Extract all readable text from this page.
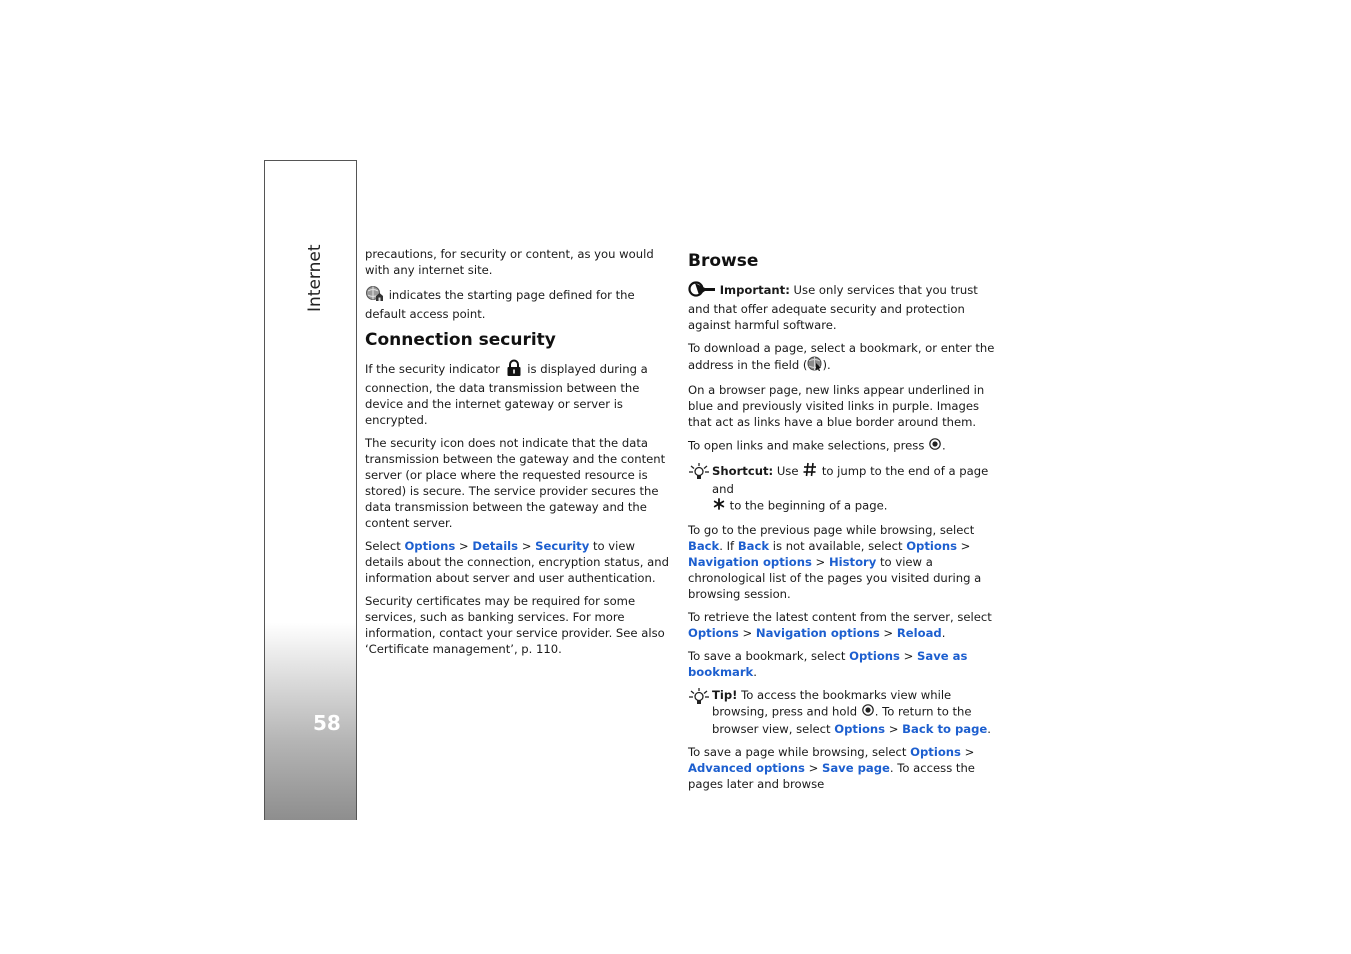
Internet
58

precautions, for security or content, as you would with any internet site.

indicates the starting page defined for the default access point.

Connection security

If the security indicator is displayed during a connection, the data transmission between the device and the internet gateway or server is encrypted.

The security icon does not indicate that the data transmission between the gateway and the content server (or place where the requested resource is stored) is secure. The service provider secures the data transmission between the gateway and the content server.

Select Options > Details > Security to view details about the connection, encryption status, and information about server and user authentication.

Security certificates may be required for some services, such as banking services. For more information, contact your service provider. See also ‘Certificate management’, p. 110.

Browse

Important: Use only services that you trust and that offer adequate security and protection against harmful software.

To download a page, select a bookmark, or enter the address in the field ( ).

On a browser page, new links appear underlined in blue and previously visited links in purple. Images that act as links have a blue border around them.

To open links and make selections, press .

Shortcut: Use  to jump to the end of a page and
to the beginning of a page.

To go to the previous page while browsing, select Back. If Back is not available, select Options > Navigation options > History to view a chronological list of the pages you visited during a browsing session.

To retrieve the latest content from the server, select Options > Navigation options > Reload.

To save a bookmark, select Options > Save as bookmark.

Tip! To access the bookmarks view while browsing, press and hold . To return to the browser view, select Options > Back to page.

To save a page while browsing, select Options > Advanced options > Save page. To access the pages later and browse
